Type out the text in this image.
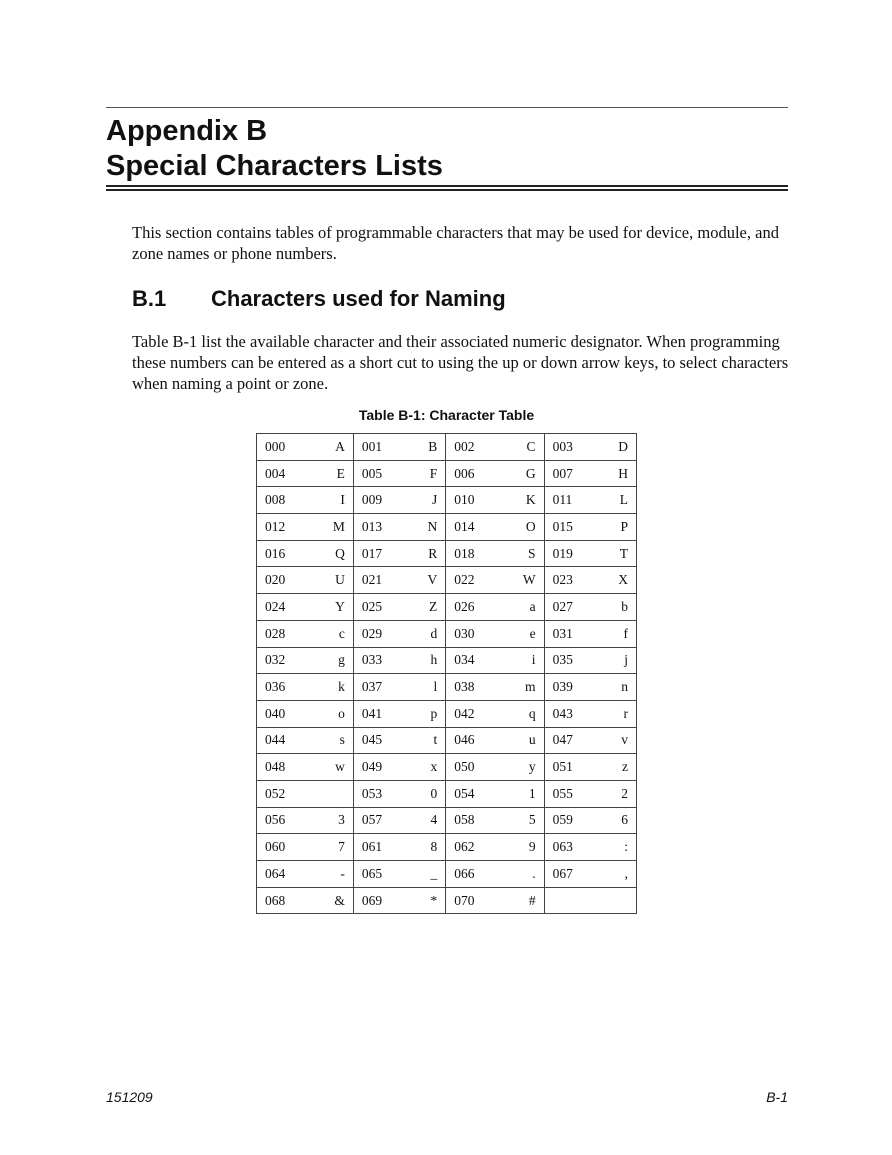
Appendix B
Special Characters Lists

This section contains tables of programmable characters that may be used for device, module, and zone names or phone numbers.

B.1 Characters used for Naming

Table B-1 list the available character and their associated numeric designator. When programming these numbers can be entered as a short cut to using the up or down arrow keys, to select characters when naming a point or zone.

Table B-1: Character Table
000 A	001 B	002 C	003 D

004 E	005 F	006 G	007 H

008 I	009 J	010 K	011 L

012 M	013 N	014 O	015 P

016 Q	017 R	018 S	019 T

020 U	021 V	022 W	023 X

024 Y	025 Z	026 a	027 b

028 c	029 d	030 e	031 f

032 g	033 h	034 i	035 j

036 k	037 l	038 m	039 n

040 o	041 p	042 q	043 r

044 s	045 t	046 u	047 v

048 w	049 x	050 y	051 z

052	053 0	054 1	055 2

056 3	057 4	058 5	059 6

060 7	061 8	062 9	063 :

064 -	065 _	066 .	067 ,

068 &	069 *	070 #	

151209	B-1
